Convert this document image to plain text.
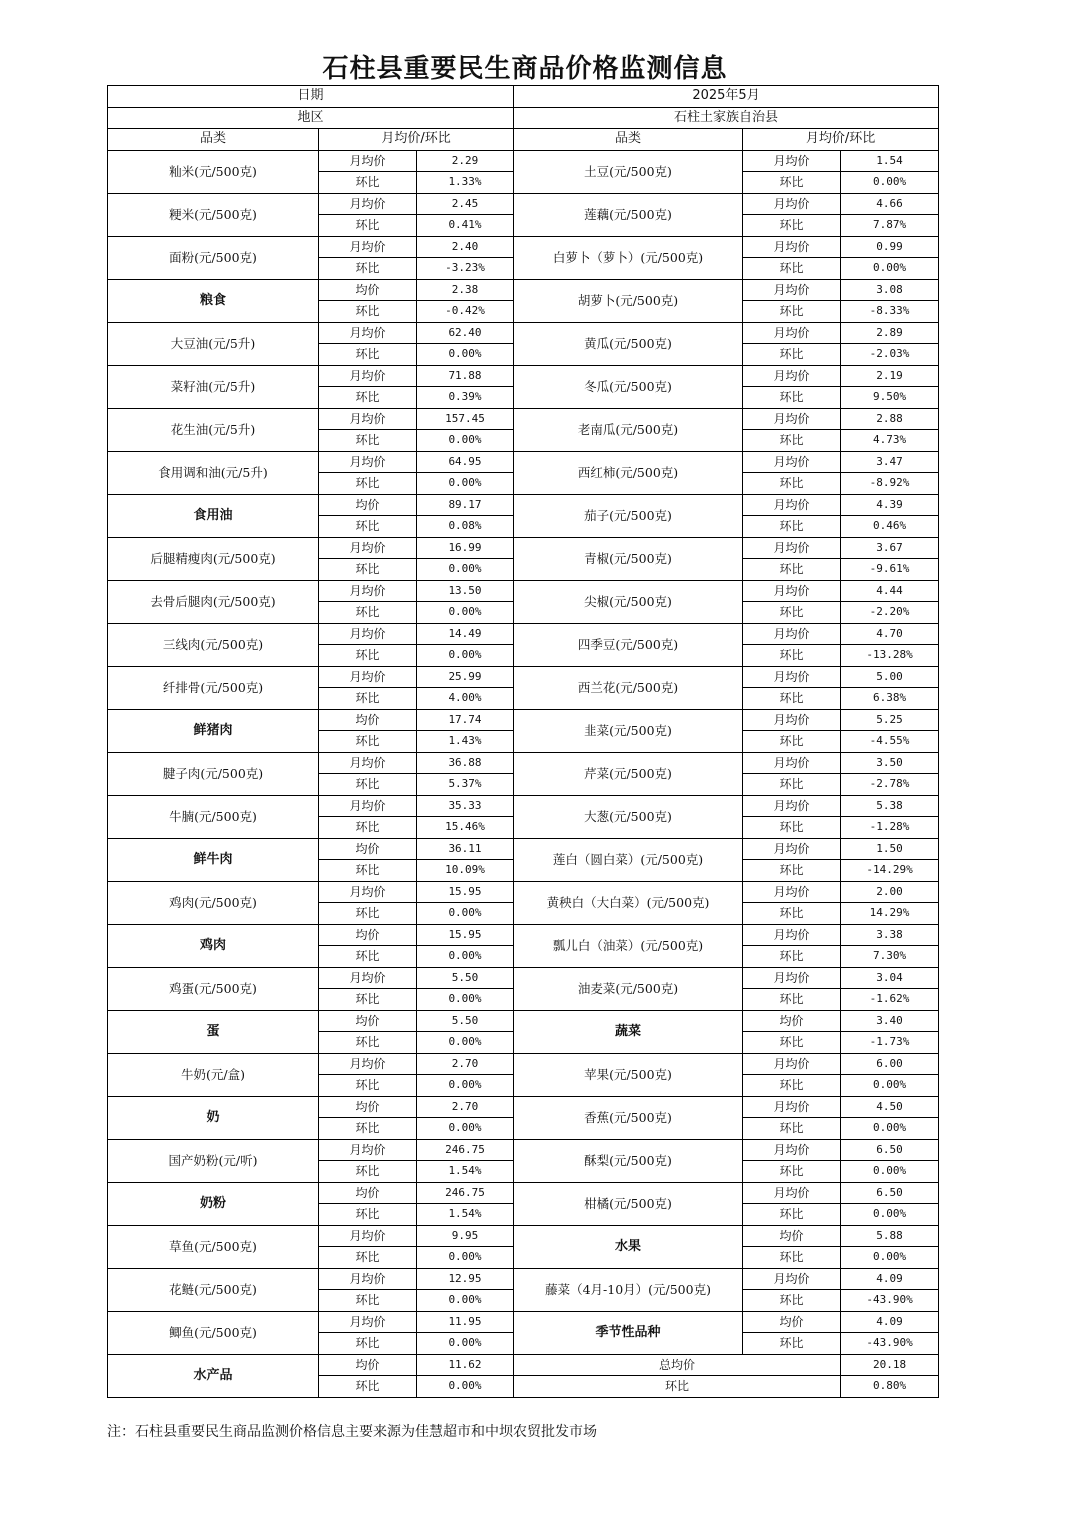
石柱县重要民生商品价格监测信息
日期			2025年5月		
地区			石柱土家族自治县		
品类	月均价/环比		品类	月均价/环比	
籼米(元/500克)	月均价	2.29	土豆(元/500克)	月均价	1.54
	环比	1.33%		环比	0.00%
粳米(元/500克)	月均价	2.45	莲藕(元/500克)	月均价	4.66
	环比	0.41%		环比	7.87%
面粉(元/500克)	月均价	2.40	白萝卜（萝卜）(元/500克)	月均价	0.99
	环比	-3.23%		环比	0.00%
粮食	均价	2.38	胡萝卜(元/500克)	月均价	3.08
	环比	-0.42%		环比	-8.33%
大豆油(元/5升)	月均价	62.40	黄瓜(元/500克)	月均价	2.89
	环比	0.00%		环比	-2.03%
菜籽油(元/5升)	月均价	71.88	冬瓜(元/500克)	月均价	2.19
	环比	0.39%		环比	9.50%
花生油(元/5升)	月均价	157.45	老南瓜(元/500克)	月均价	2.88
	环比	0.00%		环比	4.73%
食用调和油(元/5升)	月均价	64.95	西红柿(元/500克)	月均价	3.47
	环比	0.00%		环比	-8.92%
食用油	均价	89.17	茄子(元/500克)	月均价	4.39
	环比	0.08%		环比	0.46%
后腿精瘦肉(元/500克)	月均价	16.99	青椒(元/500克)	月均价	3.67
	环比	0.00%		环比	-9.61%
去骨后腿肉(元/500克)	月均价	13.50	尖椒(元/500克)	月均价	4.44
	环比	0.00%		环比	-2.20%
三线肉(元/500克)	月均价	14.49	四季豆(元/500克)	月均价	4.70
	环比	0.00%		环比	-13.28%
纤排骨(元/500克)	月均价	25.99	西兰花(元/500克)	月均价	5.00
	环比	4.00%		环比	6.38%
鲜猪肉	均价	17.74	韭菜(元/500克)	月均价	5.25
	环比	1.43%		环比	-4.55%
腱子肉(元/500克)	月均价	36.88	芹菜(元/500克)	月均价	3.50
	环比	5.37%		环比	-2.78%
牛腩(元/500克)	月均价	35.33	大葱(元/500克)	月均价	5.38
	环比	15.46%		环比	-1.28%
鲜牛肉	均价	36.11	莲白（圆白菜）(元/500克)	月均价	1.50
	环比	10.09%		环比	-14.29%
鸡肉(元/500克)	月均价	15.95	黄秧白（大白菜）(元/500克)	月均价	2.00
	环比	0.00%		环比	14.29%
鸡肉	均价	15.95	瓢儿白（油菜）(元/500克)	月均价	3.38
	环比	0.00%		环比	7.30%
鸡蛋(元/500克)	月均价	5.50	油麦菜(元/500克)	月均价	3.04
	环比	0.00%		环比	-1.62%
蛋	均价	5.50	蔬菜	均价	3.40
	环比	0.00%		环比	-1.73%
牛奶(元/盒)	月均价	2.70	苹果(元/500克)	月均价	6.00
	环比	0.00%		环比	0.00%
奶	均价	2.70	香蕉(元/500克)	月均价	4.50
	环比	0.00%		环比	0.00%
国产奶粉(元/听)	月均价	246.75	酥梨(元/500克)	月均价	6.50
	环比	1.54%		环比	0.00%
奶粉	均价	246.75	柑橘(元/500克)	月均价	6.50
	环比	1.54%		环比	0.00%
草鱼(元/500克)	月均价	9.95	水果	均价	5.88
	环比	0.00%		环比	0.00%
花鲢(元/500克)	月均价	12.95	藤菜（4月-10月）(元/500克)	月均价	4.09
	环比	0.00%		环比	-43.90%
鲫鱼(元/500克)	月均价	11.95	季节性品种	均价	4.09
	环比	0.00%		环比	-43.90%
水产品	均价	11.62	总均价		20.18
	环比	0.00%	环比		0.80%
注：石柱县重要民生商品监测价格信息主要来源为佳慧超市和中坝农贸批发市场
